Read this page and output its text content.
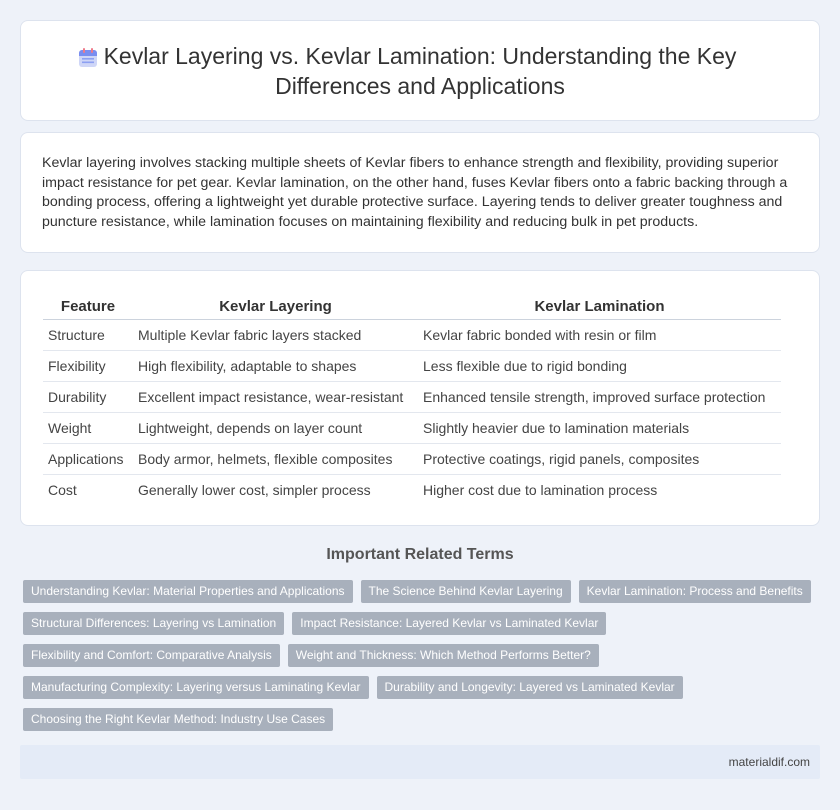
Kevlar Layering vs. Kevlar Lamination: Understanding the Key Differences and Applications

Kevlar layering involves stacking multiple sheets of Kevlar fibers to enhance strength and flexibility, providing superior impact resistance for pet gear. Kevlar lamination, on the other hand, fuses Kevlar fibers onto a fabric backing through a bonding process, offering a lightweight yet durable protective surface. Layering tends to deliver greater toughness and puncture resistance, while lamination focuses on maintaining flexibility and reducing bulk in pet products.

Feature	Kevlar Layering	Kevlar Lamination
Structure	Multiple Kevlar fabric layers stacked	Kevlar fabric bonded with resin or film
Flexibility	High flexibility, adaptable to shapes	Less flexible due to rigid bonding
Durability	Excellent impact resistance, wear-resistant	Enhanced tensile strength, improved surface protection
Weight	Lightweight, depends on layer count	Slightly heavier due to lamination materials
Applications	Body armor, helmets, flexible composites	Protective coatings, rigid panels, composites
Cost	Generally lower cost, simpler process	Higher cost due to lamination process
Important Related Terms
Understanding Kevlar: Material Properties and Applications	The Science Behind Kevlar Layering	Kevlar Lamination: Process and Benefits
Structural Differences: Layering vs Lamination	Impact Resistance: Layered Kevlar vs Laminated Kevlar
Flexibility and Comfort: Comparative Analysis	Weight and Thickness: Which Method Performs Better?
Manufacturing Complexity: Layering versus Laminating Kevlar	Durability and Longevity: Layered vs Laminated Kevlar
Choosing the Right Kevlar Method: Industry Use Cases
materialdif.com
